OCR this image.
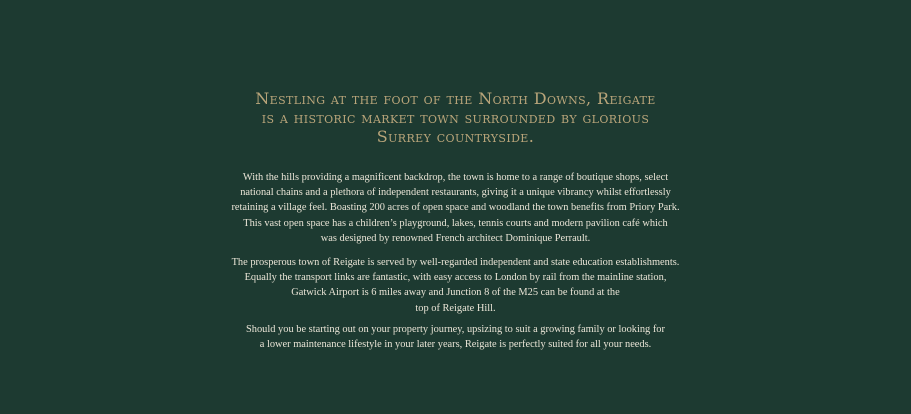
Nestling at the foot of the North Downs, Reigate
is a historic market town surrounded by glorious
Surrey countryside.
With the hills providing a magnificent backdrop, the town is home to a range of boutique shops, select
national chains and a plethora of independent restaurants, giving it a unique vibrancy whilst effortlessly
retaining a village feel. Boasting 200 acres of open space and woodland the town benefits from Priory Park.
This vast open space has a children’s playground, lakes, tennis courts and modern pavilion café which
was designed by renowned French architect Dominique Perrault.
The prosperous town of Reigate is served by well-regarded independent and state education establishments.
Equally the transport links are fantastic, with easy access to London by rail from the mainline station,
Gatwick Airport is 6 miles away and Junction 8 of the M25 can be found at the
top of Reigate Hill.
Should you be starting out on your property journey, upsizing to suit a growing family or looking for
a lower maintenance lifestyle in your later years, Reigate is perfectly suited for all your needs.
